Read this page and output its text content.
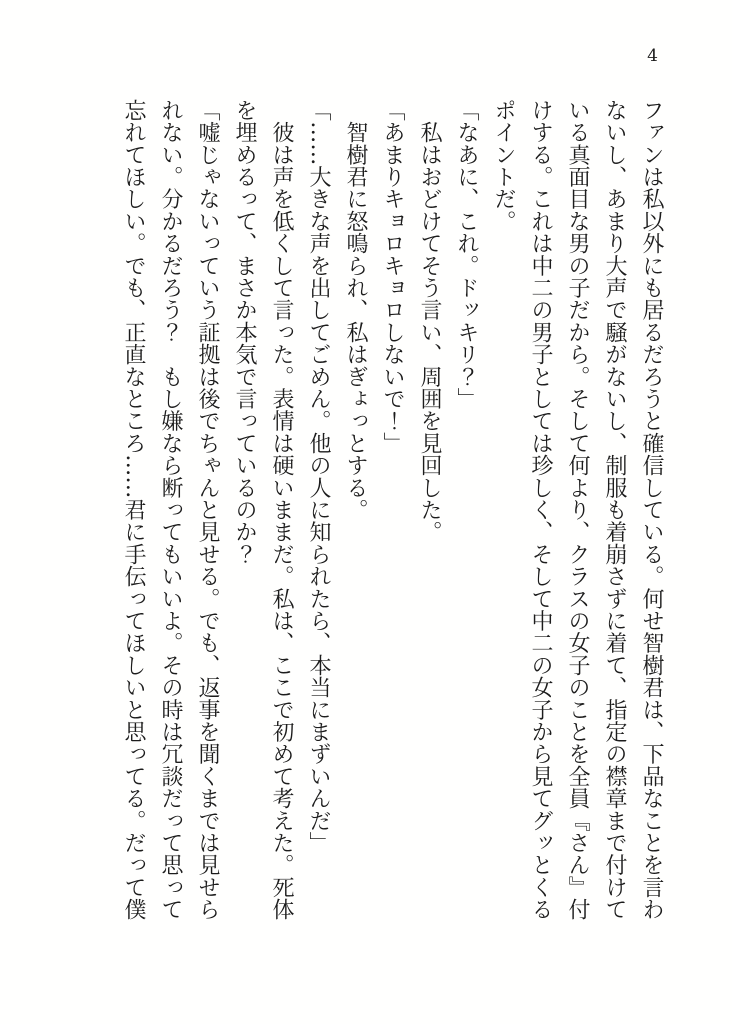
4
ファンは私以外にも居るだろうと確信している。何せ智樹君は、下品なことを言わ
ないし、あまり大声で騒がないし、制服も着崩さずに着て、指定の襟章まで付けて
いる真面目な男の子だから。そして何より、クラスの女子のことを全員『さん』付
けする。これは中二の男子としては珍しく、そして中二の女子から見てグッとくる
ポイントだ。
「なあに、これ。ドッキリ？」
　私はおどけてそう言い、周囲を見回した。
「あまりキョロキョロしないで！」
　智樹君に怒鳴られ、私はぎょっとする。
「……大きな声を出してごめん。他の人に知られたら、本当にまずいんだ」
　彼は声を低くして言った。表情は硬いままだ。私は、ここで初めて考えた。死体
を埋めるって、まさか本気で言っているのか？
「嘘じゃないっていう証拠は後でちゃんと見せる。でも、返事を聞くまでは見せら
れない。分かるだろう？　もし嫌なら断ってもいいよ。その時は冗談だって思って
忘れてほしい。でも、正直なところ……君に手伝ってほしいと思ってる。だって僕
